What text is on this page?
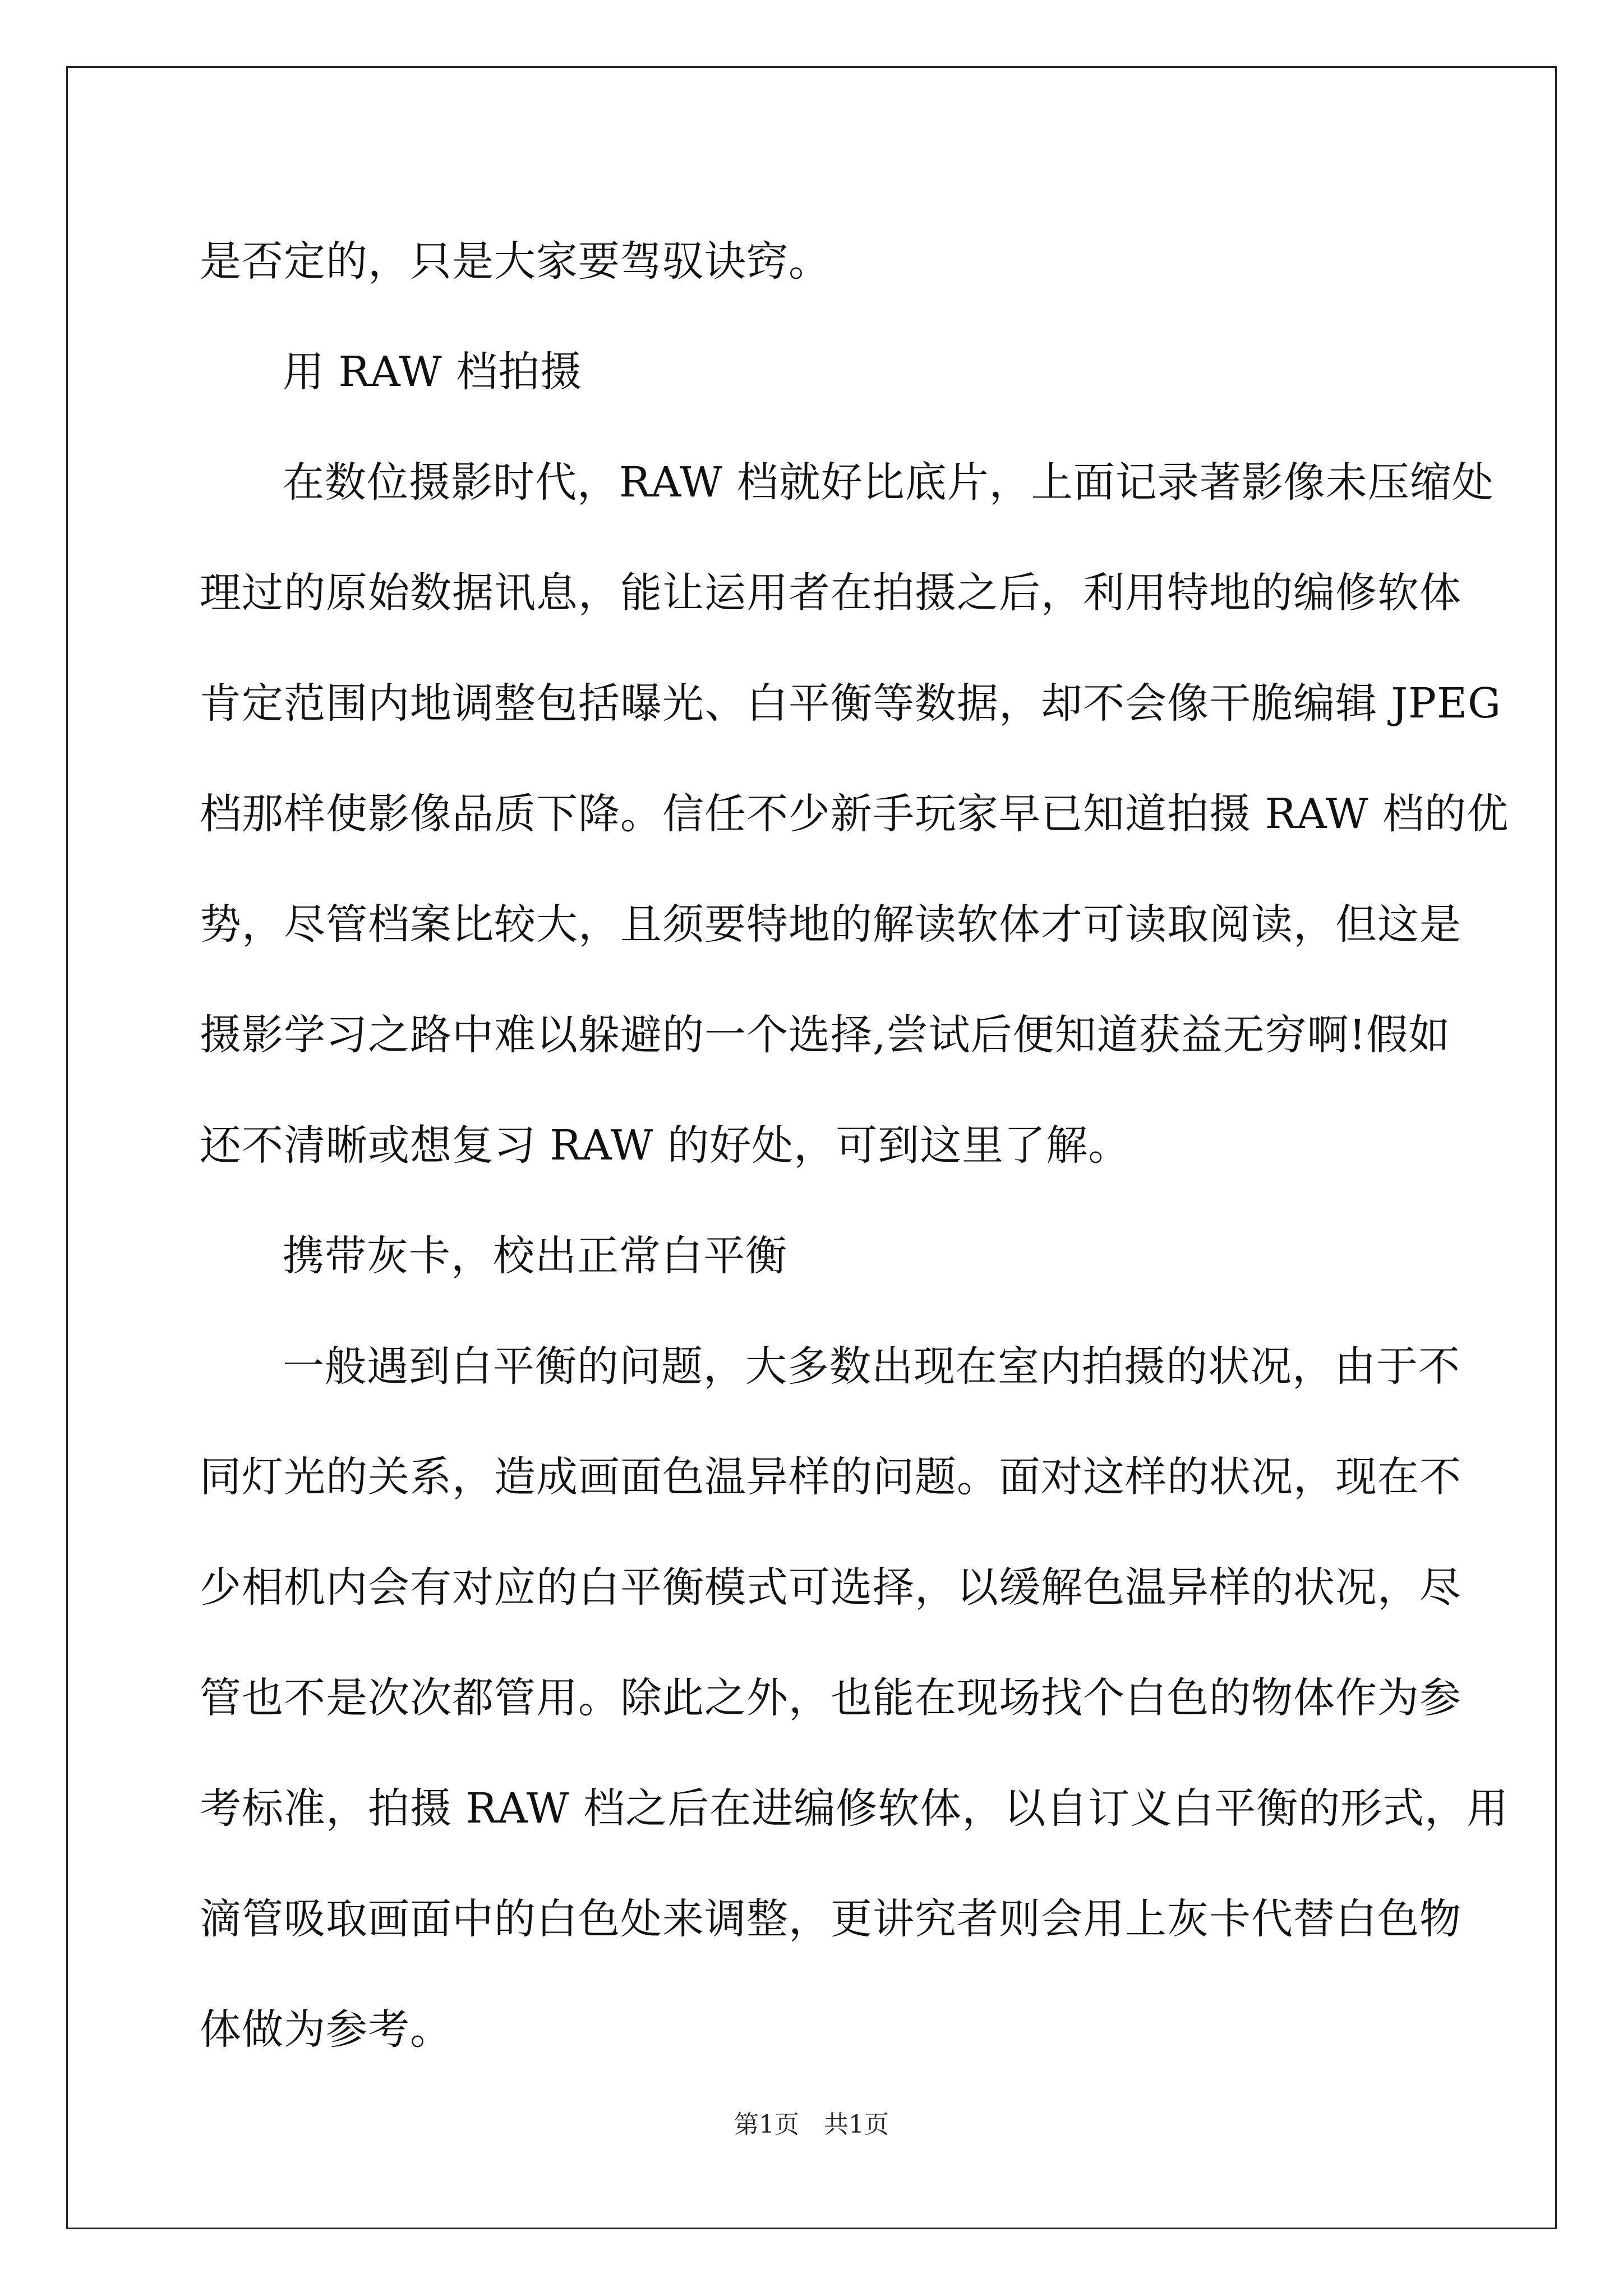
是否定的，只是大家要驾驭诀窍。
用 RAW 档拍摄
在数位摄影时代，RAW 档就好比底片，上面记录著影像未压缩处
理过的原始数据讯息，能让运用者在拍摄之后，利用特地的编修软体
肯定范围内地调整包括曝光、白平衡等数据，却不会像干脆编辑 JPEG
档那样使影像品质下降。信任不少新手玩家早已知道拍摄 RAW 档的优
势，尽管档案比较大，且须要特地的解读软体才可读取阅读，但这是
摄影学习之路中难以躲避的一个选择,尝试后便知道获益无穷啊!假如
还不清晰或想复习 RAW 的好处，可到这里了解。
携带灰卡，校出正常白平衡
一般遇到白平衡的问题，大多数出现在室内拍摄的状况，由于不
同灯光的关系，造成画面色温异样的问题。面对这样的状况，现在不
少相机内会有对应的白平衡模式可选择，以缓解色温异样的状况，尽
管也不是次次都管用。除此之外，也能在现场找个白色的物体作为参
考标准，拍摄 RAW 档之后在进编修软体，以自订义白平衡的形式，用
滴管吸取画面中的白色处来调整，更讲究者则会用上灰卡代替白色物
体做为参考。
第1页　共1页
